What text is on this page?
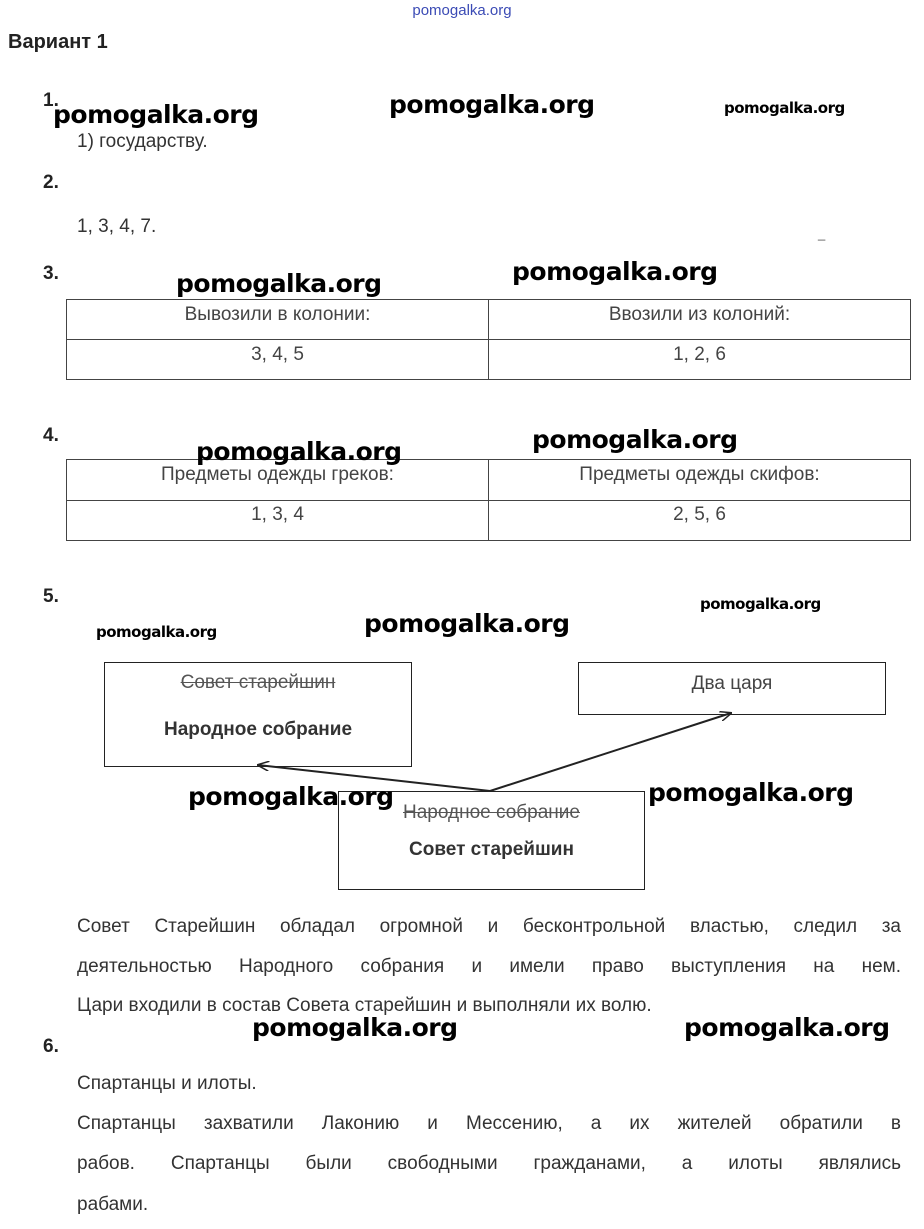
pomogalka.org
Вариант 1
1.
1) государству.
pomogalka.org	pomogalka.org	pomogalka.org
2.
1, 3, 4, 7.	_
3.
Вывозили в колонии:	Ввозили из колоний:
3, 4, 5	1, 2, 6
pomogalka.org	pomogalka.org
4.
Предметы одежды греков:	Предметы одежды скифов:
1, 3, 4	2, 5, 6
pomogalka.org	pomogalka.org
5.
pomogalka.org	pomogalka.org
pomogalka.org
Совет старейшин
Народное собрание
Два царя
Народное собрание
Совет старейшин
pomogalka.org	pomogalka.org
Совет Старейшин обладал огромной и бесконтрольной властью, следил за
деятельностью Народного собрания и имели право выступления на нем.
Цари входили в состав Совета старейшин и выполняли их волю.
pomogalka.org	pomogalka.org
6.
Спартанцы и илоты.
Спартанцы захватили Лаконию и Мессению, а их жителей обратили в
рабов. Спартанцы были свободными гражданами, а илоты являлись
рабами.
